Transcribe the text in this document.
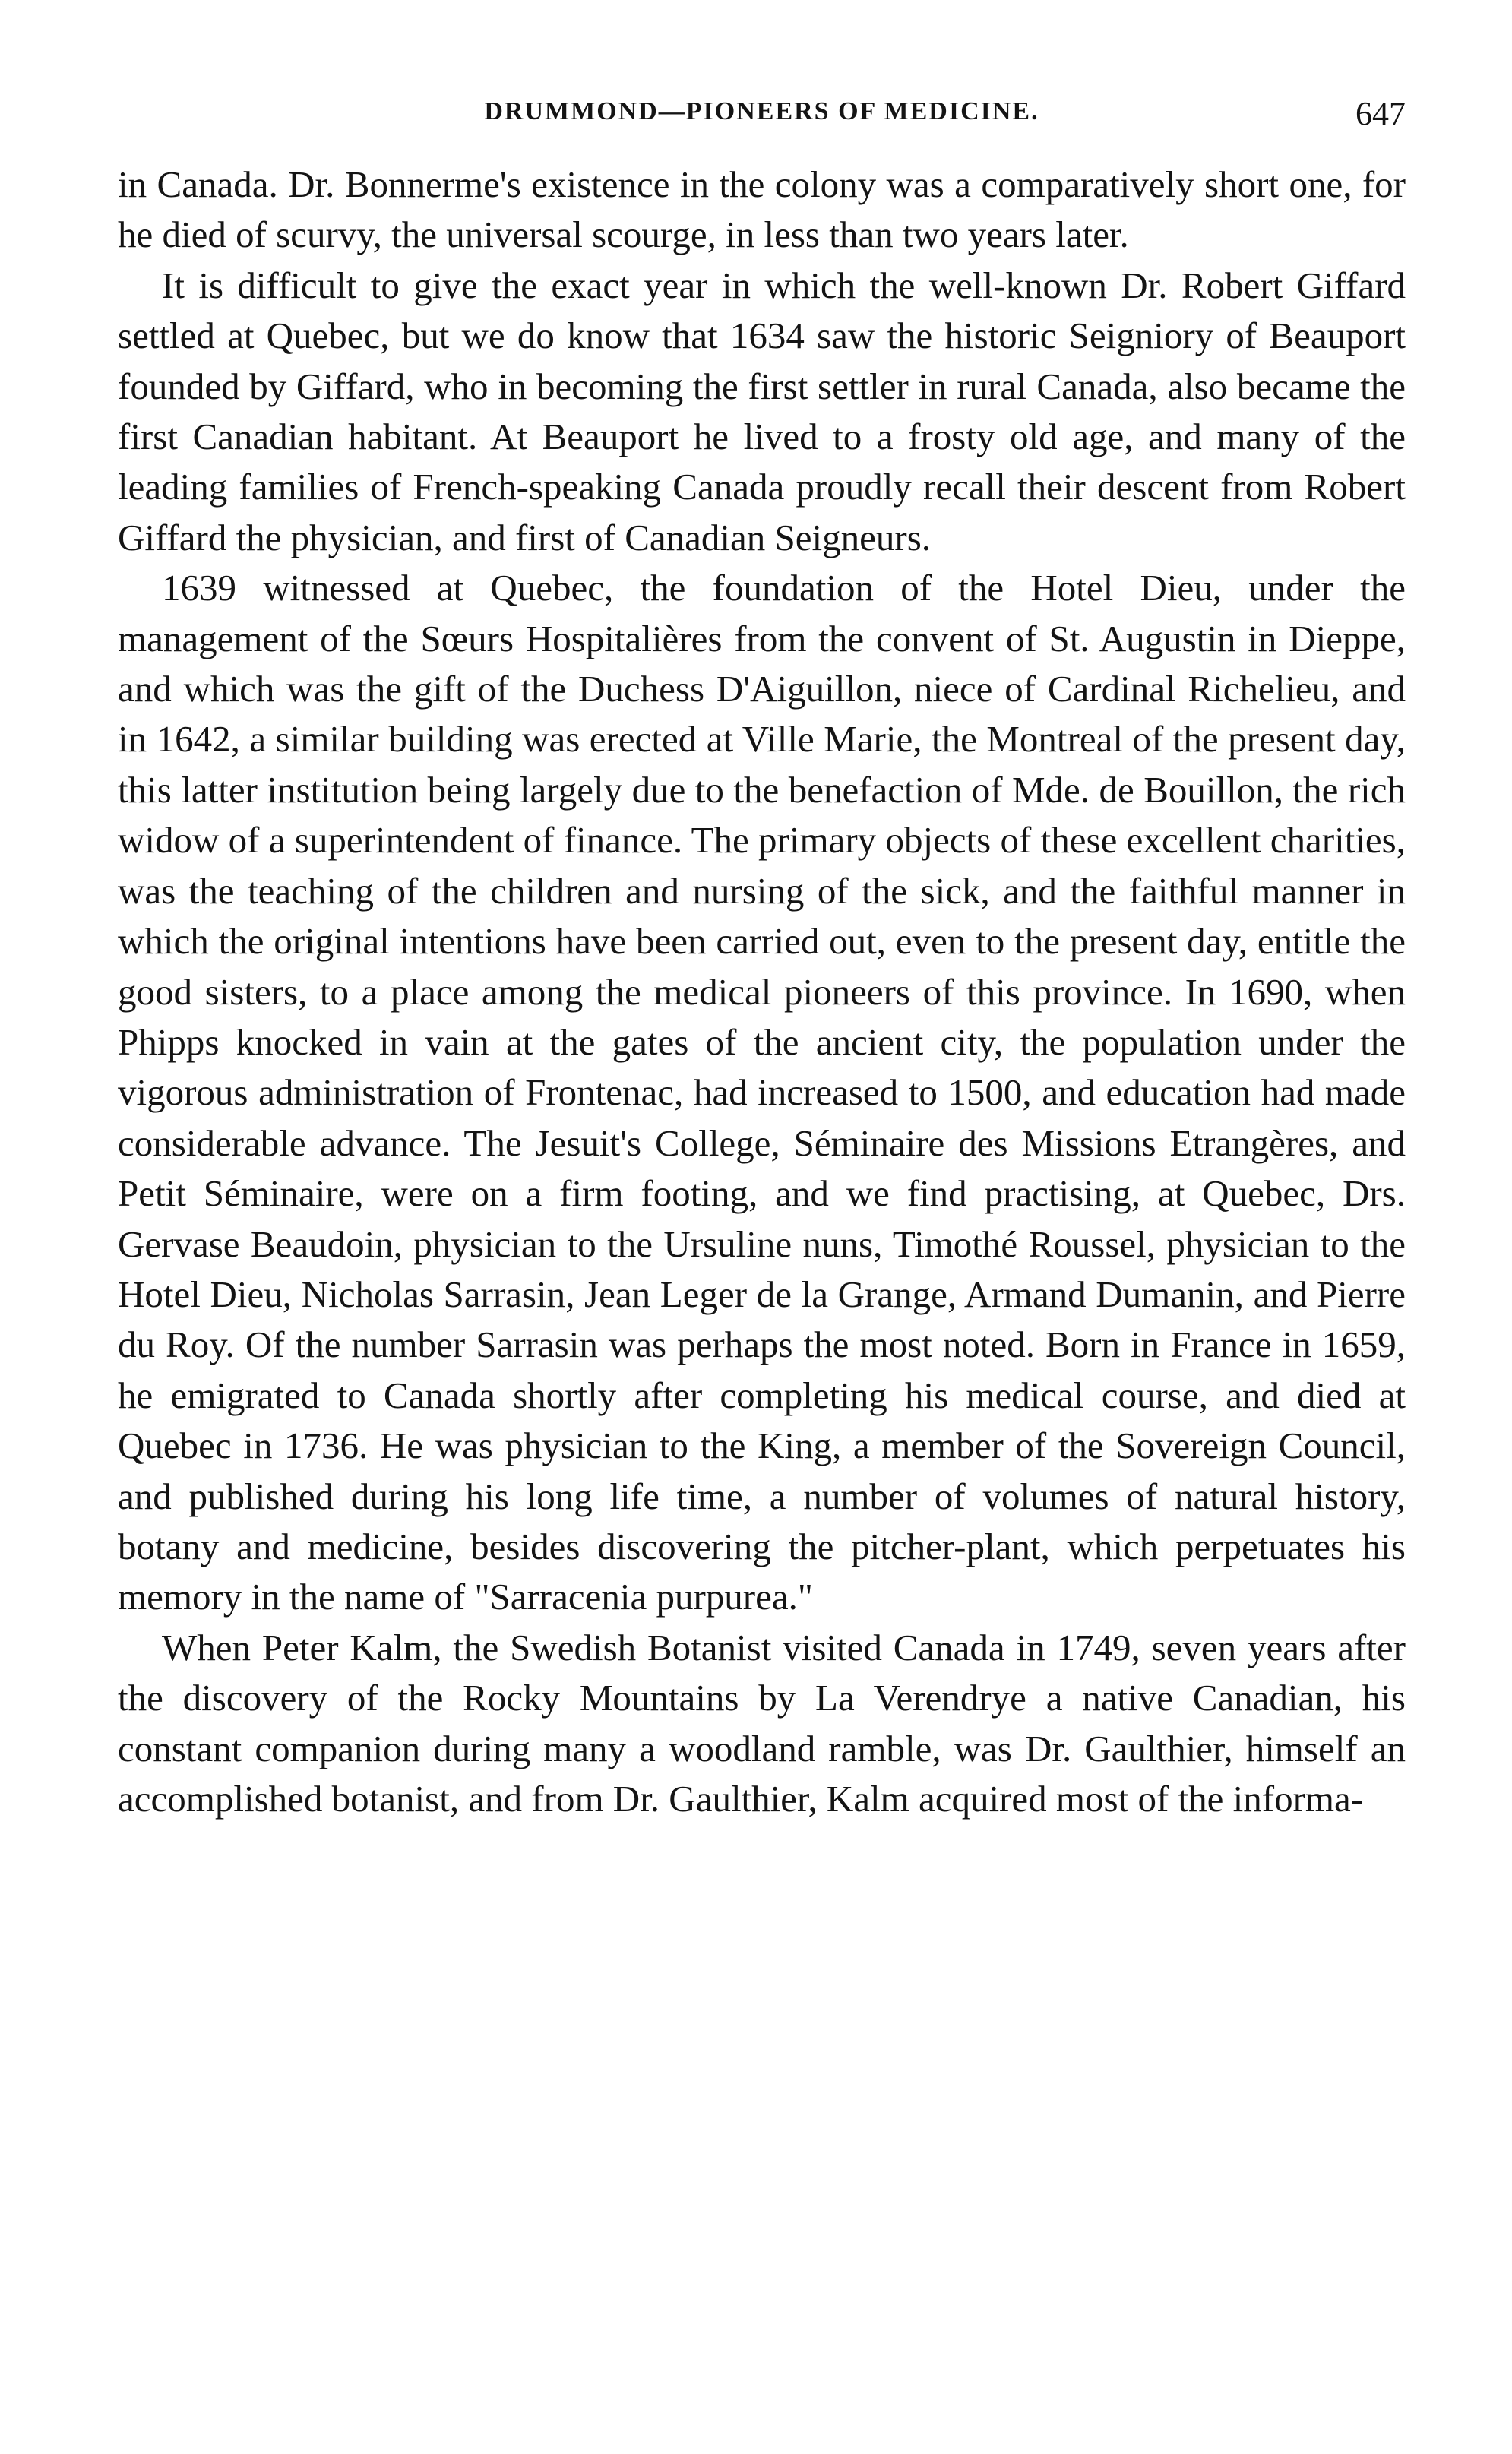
DRUMMOND—PIONEERS OF MEDICINE.	647

in Canada. Dr. Bonnerme's existence in the colony was a comparatively short one, for he died of scurvy, the universal scourge, in less than two years later.

It is difficult to give the exact year in which the well-known Dr. Robert Giffard settled at Quebec, but we do know that 1634 saw the historic Seigniory of Beauport founded by Giffard, who in becoming the first settler in rural Canada, also became the first Canadian habitant. At Beauport he lived to a frosty old age, and many of the leading families of French-speaking Canada proudly recall their descent from Robert Giffard the physician, and first of Canadian Seigneurs.

1639 witnessed at Quebec, the foundation of the Hotel Dieu, under the management of the Sœurs Hospitalières from the convent of St. Augustin in Dieppe, and which was the gift of the Duchess D'Aiguillon, niece of Cardinal Richelieu, and in 1642, a similar building was erected at Ville Marie, the Montreal of the present day, this latter institution being largely due to the benefaction of Mde. de Bouillon, the rich widow of a superintendent of finance. The primary objects of these excellent charities, was the teaching of the children and nursing of the sick, and the faithful manner in which the original intentions have been carried out, even to the present day, entitle the good sisters, to a place among the medical pioneers of this province. In 1690, when Phipps knocked in vain at the gates of the ancient city, the population under the vigorous administration of Frontenac, had increased to 1500, and education had made considerable advance. The Jesuit's College, Séminaire des Missions Etrangères, and Petit Séminaire, were on a firm footing, and we find practising, at Quebec, Drs. Gervase Beaudoin, physician to the Ursuline nuns, Timothé Roussel, physician to the Hotel Dieu, Nicholas Sarrasin, Jean Leger de la Grange, Armand Dumanin, and Pierre du Roy. Of the number Sarrasin was perhaps the most noted. Born in France in 1659, he emigrated to Canada shortly after completing his medical course, and died at Quebec in 1736. He was physician to the King, a member of the Sovereign Council, and published during his long life time, a number of volumes of natural history, botany and medicine, besides discovering the pitcher-plant, which perpetuates his memory in the name of "Sarracenia purpurea."

When Peter Kalm, the Swedish Botanist visited Canada in 1749, seven years after the discovery of the Rocky Mountains by La Verendrye a native Canadian, his constant companion during many a woodland ramble, was Dr. Gaulthier, himself an accomplished botanist, and from Dr. Gaulthier, Kalm acquired most of the informa-
